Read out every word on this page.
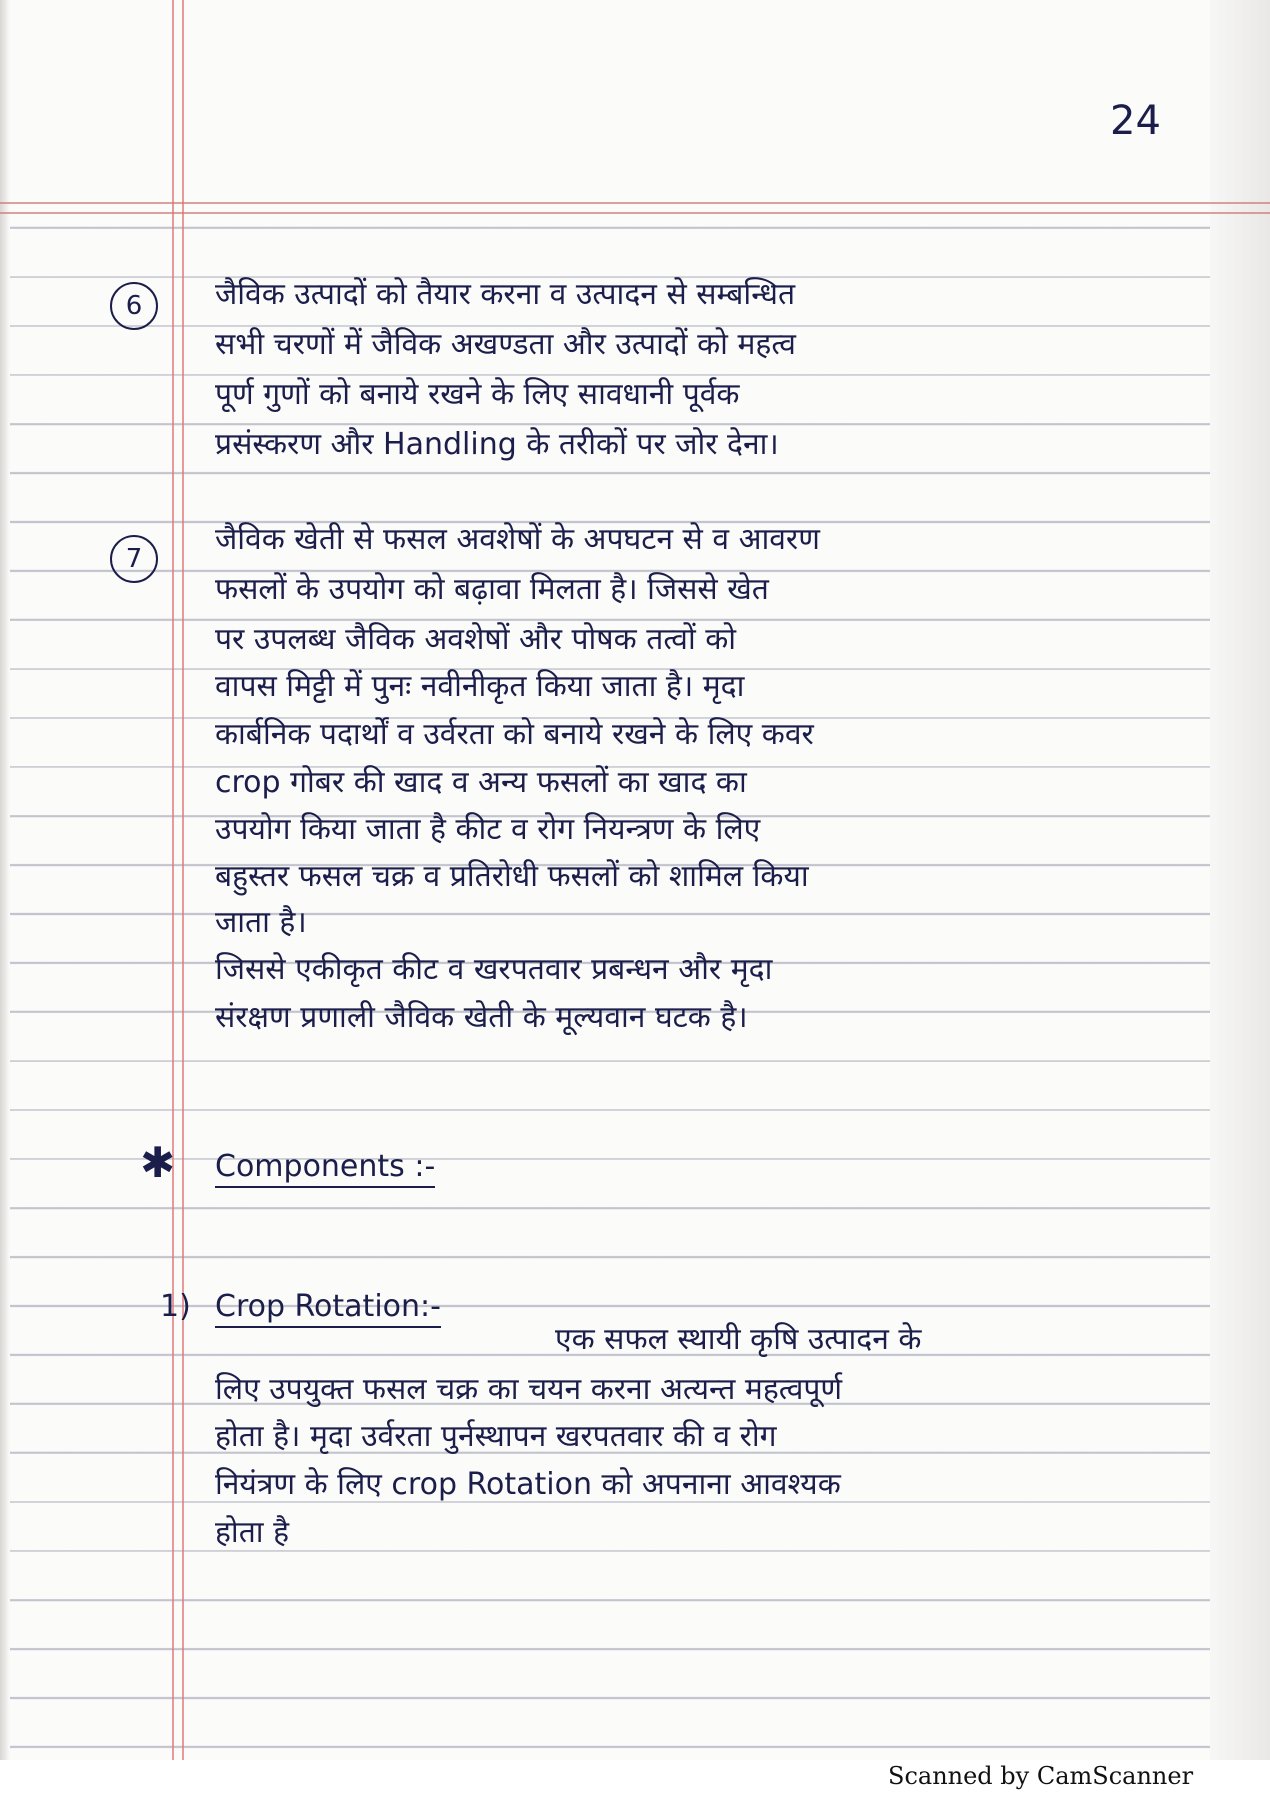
24
6	जैविक उत्पादों को तैयार करना व उत्पादन से सम्बन्धित
सभी चरणों में जैविक अखण्डता और उत्पादों को महत्व
पूर्ण गुणों को बनाये रखने के लिए सावधानी पूर्वक
प्रसंस्करण और Handling के तरीकों पर जोर देना।
7
जैविक खेती से फसल अवशेषों के अपघटन से व आवरण
फसलों के उपयोग को बढ़ावा मिलता है। जिससे खेत
पर उपलब्ध जैविक अवशेषों और पोषक तत्वों को
वापस मिट्टी में पुनः नवीनीकृत किया जाता है। मृदा
कार्बनिक पदार्थों व उर्वरता को बनाये रखने के लिए कवर
crop गोबर की खाद व अन्य फसलों का खाद का
उपयोग किया जाता है कीट व रोग नियन्त्रण के लिए
बहुस्तर फसल चक्र व प्रतिरोधी फसलों को शामिल किया
जाता है।
जिससे एकीकृत कीट व खरपतवार प्रबन्धन और मृदा
संरक्षण प्रणाली जैविक खेती के मूल्यवान घटक है।
✱ Components :-
1) Crop Rotation:-
एक सफल स्थायी कृषि उत्पादन के
लिए उपयुक्त फसल चक्र का चयन करना अत्यन्त महत्वपूर्ण
होता है। मृदा उर्वरता पुर्नस्थापन खरपतवार की व रोग
नियंत्रण के लिए crop Rotation को अपनाना आवश्यक
होता है
Scanned by CamScanner
